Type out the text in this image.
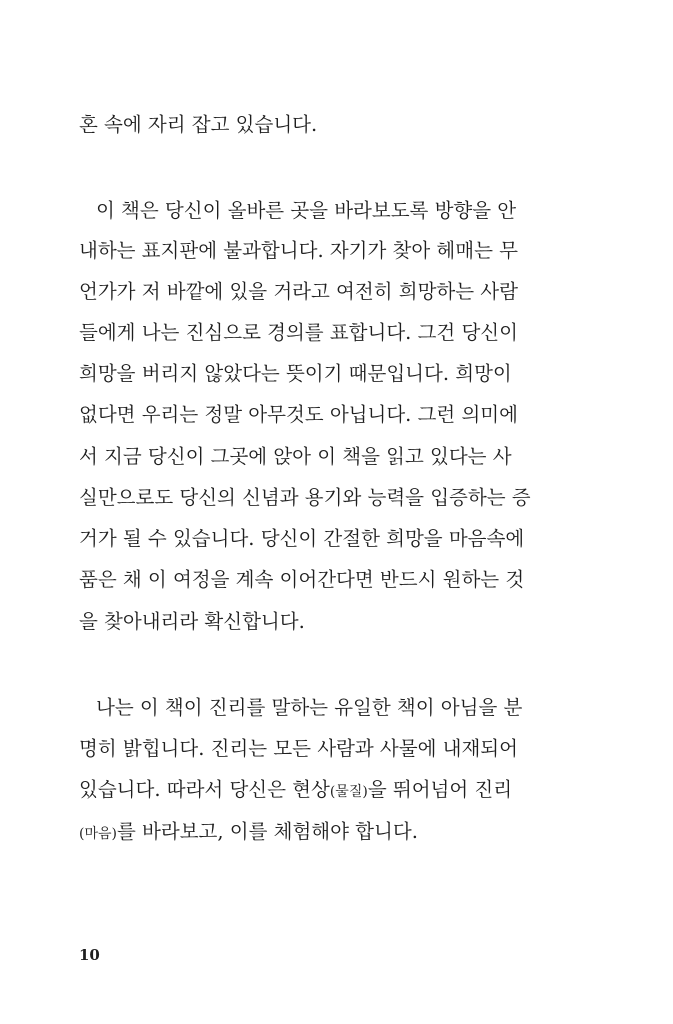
혼 속에 자리 잡고 있습니다.
이 책은 당신이 올바른 곳을 바라보도록 방향을 안
내하는 표지판에 불과합니다. 자기가 찾아 헤매는 무
언가가 저 바깥에 있을 거라고 여전히 희망하는 사람
들에게 나는 진심으로 경의를 표합니다. 그건 당신이
희망을 버리지 않았다는 뜻이기 때문입니다. 희망이
없다면 우리는 정말 아무것도 아닙니다. 그런 의미에
서 지금 당신이 그곳에 앉아 이 책을 읽고 있다는 사
실만으로도 당신의 신념과 용기와 능력을 입증하는 증
거가 될 수 있습니다. 당신이 간절한 희망을 마음속에
품은 채 이 여정을 계속 이어간다면 반드시 원하는 것
을 찾아내리라 확신합니다.
나는 이 책이 진리를 말하는 유일한 책이 아님을 분
명히 밝힙니다. 진리는 모든 사람과 사물에 내재되어
있습니다. 따라서 당신은 현상(물질)을 뛰어넘어 진리
(마음)를 바라보고, 이를 체험해야 합니다.
10
